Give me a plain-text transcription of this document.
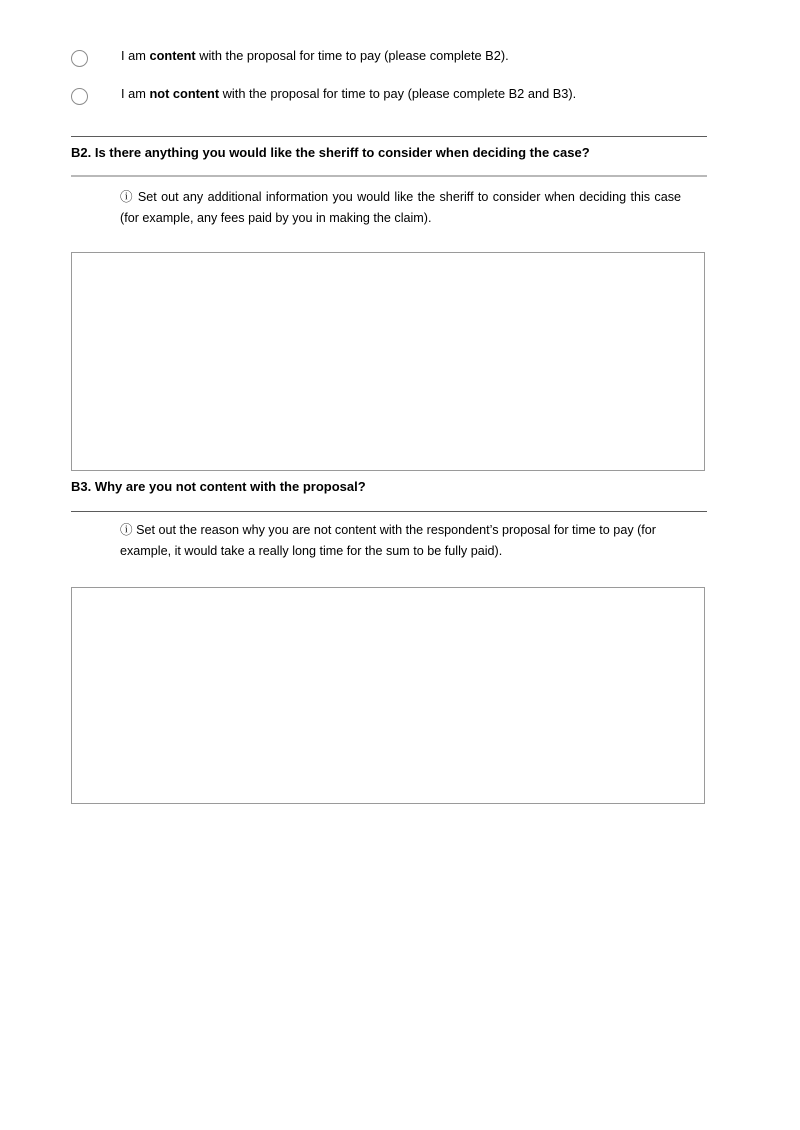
I am content with the proposal for time to pay (please complete B2).
I am not content with the proposal for time to pay (please complete B2 and B3).
B2. Is there anything you would like the sheriff to consider when deciding the case?
ⓘ Set out any additional information you would like the sheriff to consider when deciding this case (for example, any fees paid by you in making the claim).
B3. Why are you not content with the proposal?
ⓘ Set out the reason why you are not content with the respondent’s proposal for time to pay (for example, it would take a really long time for the sum to be fully paid).
